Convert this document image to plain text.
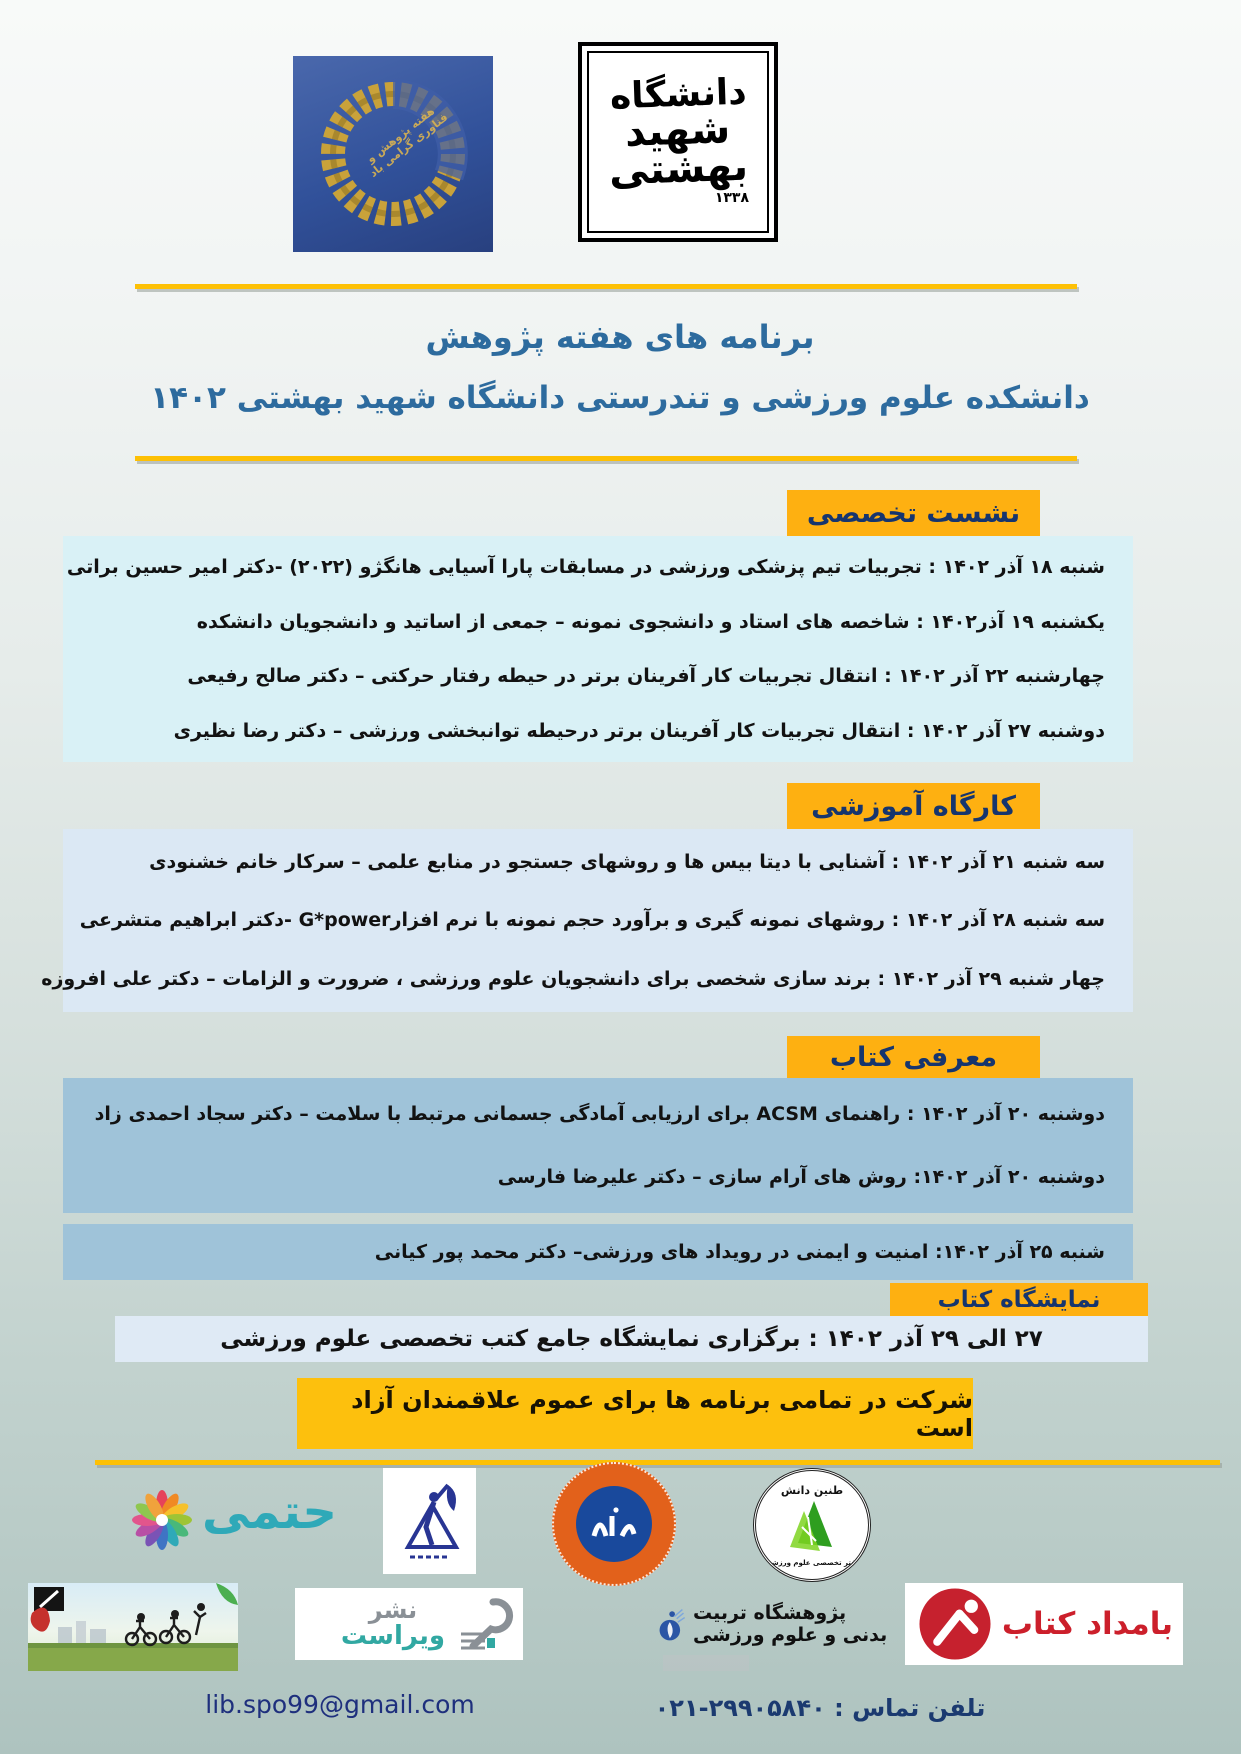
هفته پژوهش و فناوری گرامی باد
دانشگاه
شهید
بهشتی
۱۳۳۸
برنامه های هفته پژوهش
دانشکده علوم ورزشی و تندرستی دانشگاه شهید بهشتی ۱۴۰۲
نشست تخصصی
شنبه ۱۸ آذر ۱۴۰۲ : تجربیات تیم پزشکی ورزشی در مسابقات پارا آسیایی هانگژو (۲۰۲۲) -دکتر امیر حسین براتی
یکشنبه ۱۹ آذر۱۴۰۲ : شاخصه های استاد و دانشجوی نمونه – جمعی از اساتید و دانشجویان دانشکده
چهارشنبه ۲۲ آذر ۱۴۰۲ : انتقال تجربیات کار آفرینان برتر در حیطه رفتار حرکتی – دکتر صالح رفیعی
دوشنبه ۲۷ آذر ۱۴۰۲ : انتقال تجربیات کار آفرینان برتر درحیطه توانبخشی ورزشی – دکتر رضا نظیری
کارگاه آموزشی
سه شنبه ۲۱ آذر ۱۴۰۲ : آشنایی با دیتا بیس ها و روشهای جستجو در منابع علمی – سرکار خانم خشنودی
سه شنبه ۲۸ آذر ۱۴۰۲ : روشهای نمونه گیری و برآورد حجم نمونه با نرم افزارG*power -دکتر ابراهیم متشرعی
چهار شنبه ۲۹ آذر ۱۴۰۲ : برند سازی شخصی برای دانشجویان علوم ورزشی ، ضرورت و الزامات – دکتر علی افروزه
معرفی کتاب
دوشنبه ۲۰ آذر ۱۴۰۲ : راهنمای ACSM برای ارزیابی آمادگی جسمانی مرتبط با سلامت – دکتر سجاد احمدی زاد
دوشنبه ۲۰ آذر ۱۴۰۲: روش های آرام سازی – دکتر علیرضا فارسی
شنبه ۲۵ آذر ۱۴۰۲: امنیت و ایمنی در رویداد های ورزشی– دکتر محمد پور کیانی
نمایشگاه کتاب
۲۷ الی ۲۹ آذر ۱۴۰۲ : برگزاری نمایشگاه جامع کتب تخصصی علوم ورزشی
شرکت در تمامی برنامه ها برای عموم علاقمندان آزاد است
حتمی	طنین دانش
دفتر تخصصی علوم ورزشی
نشر
ویراست
پژوهشگاه تربیت بدنی و علوم ورزشی	بامداد کتاب
lib.spo99@gmail.com	تلفن تماس : ۰۲۱-۲۹۹۰۵۸۴۰
